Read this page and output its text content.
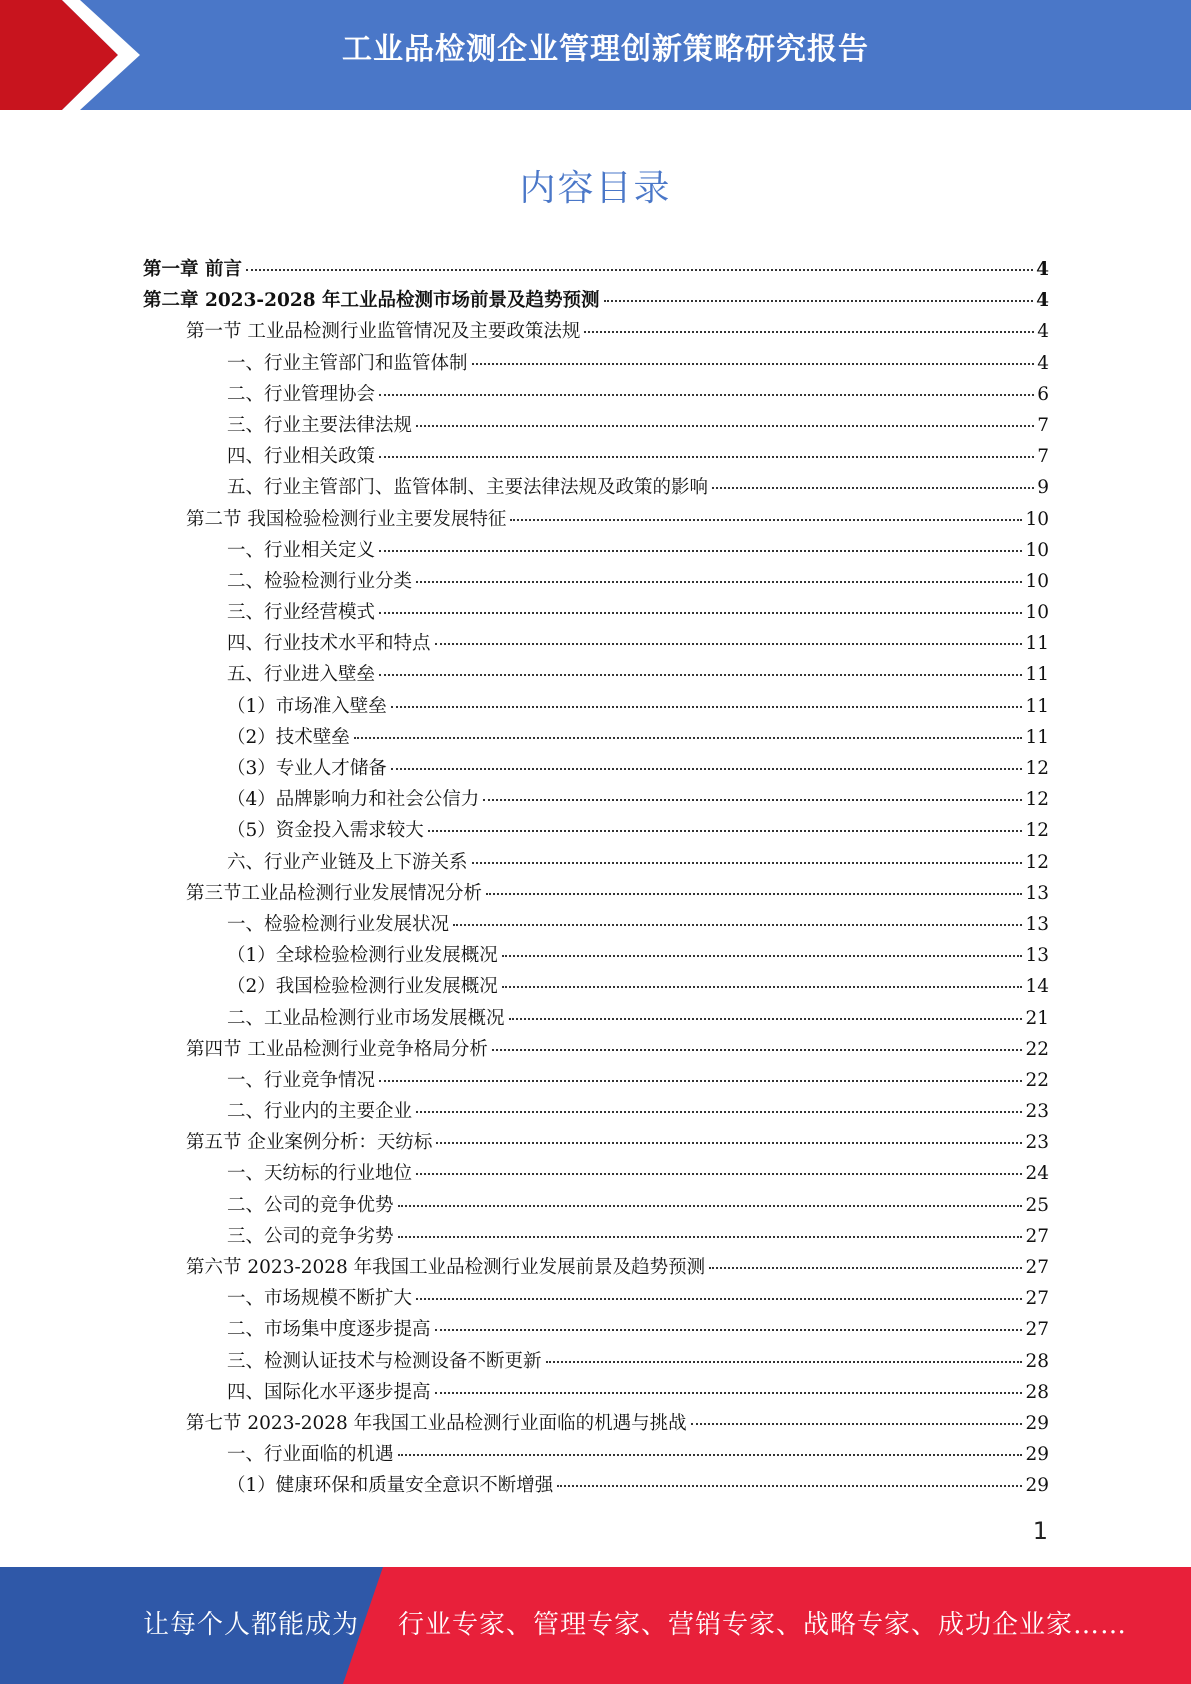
工业品检测企业管理创新策略研究报告
内容目录
第一章 前言	4
第二章 2023-2028 年工业品检测市场前景及趋势预测	4
第一节 工业品检测行业监管情况及主要政策法规	4
一、行业主管部门和监管体制	4
二、行业管理协会	6
三、行业主要法律法规	7
四、行业相关政策	7
五、行业主管部门、监管体制、主要法律法规及政策的影响	9
第二节 我国检验检测行业主要发展特征	10
一、行业相关定义	10
二、检验检测行业分类	10
三、行业经营模式	10
四、行业技术水平和特点	11
五、行业进入壁垒	11
（1）市场准入壁垒	11
（2）技术壁垒	11
（3）专业人才储备	12
（4）品牌影响力和社会公信力	12
（5）资金投入需求较大	12
六、行业产业链及上下游关系	12
第三节工业品检测行业发展情况分析	13
一、检验检测行业发展状况	13
（1）全球检验检测行业发展概况	13
（2）我国检验检测行业发展概况	14
二、工业品检测行业市场发展概况	21
第四节 工业品检测行业竞争格局分析	22
一、行业竞争情况	22
二、行业内的主要企业	23
第五节 企业案例分析：天纺标	23
一、天纺标的行业地位	24
二、公司的竞争优势	25
三、公司的竞争劣势	27
第六节 2023-2028 年我国工业品检测行业发展前景及趋势预测	27
一、市场规模不断扩大	27
二、市场集中度逐步提高	27
三、检测认证技术与检测设备不断更新	28
四、国际化水平逐步提高	28
第七节 2023-2028 年我国工业品检测行业面临的机遇与挑战	29
一、行业面临的机遇	29
（1）健康环保和质量安全意识不断增强	29
1
让每个人都能成为 行业专家、管理专家、营销专家、战略专家、成功企业家……
